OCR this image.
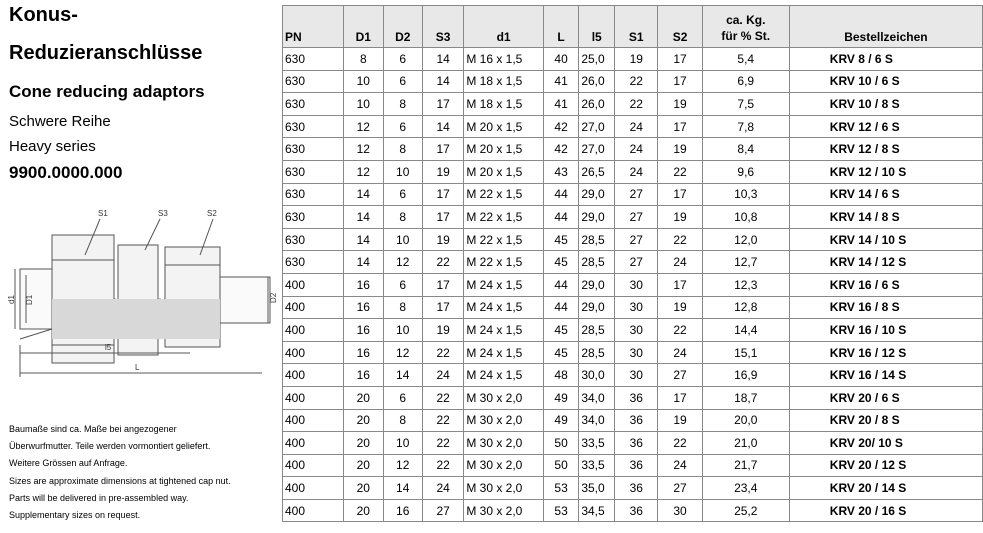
Konus-
Reduzieranschlüsse
Cone reducing adaptors
Schwere Reihe
Heavy series
9900.0000.000
S1	S3	S2
d1 D1	D2
l5
L
Baumaße sind ca. Maße bei angezogener
Überwurfmutter. Teile werden vormontiert geliefert.
Weitere Grössen auf Anfrage.
Sizes are approximate dimensions at tightened cap nut.
Parts will be delivered in pre-assembled way.
Supplementary sizes on request.
PN	D1	D2	S3	d1	L	l5	S1	S2	ca. Kg.
für % St.	Bestellzeichen
630	8	6	14	M 16 x 1,5	40	25,0	19	17	5,4	KRV 8 / 6 S
630	10	6	14	M 18 x 1,5	41	26,0	22	17	6,9	KRV 10 / 6 S
630	10	8	17	M 18 x 1,5	41	26,0	22	19	7,5	KRV 10 / 8 S
630	12	6	14	M 20 x 1,5	42	27,0	24	17	7,8	KRV 12 / 6 S
630	12	8	17	M 20 x 1,5	42	27,0	24	19	8,4	KRV 12 / 8 S
630	12	10	19	M 20 x 1,5	43	26,5	24	22	9,6	KRV 12 / 10 S
630	14	6	17	M 22 x 1,5	44	29,0	27	17	10,3	KRV 14 / 6 S
630	14	8	17	M 22 x 1,5	44	29,0	27	19	10,8	KRV 14 / 8 S
630	14	10	19	M 22 x 1,5	45	28,5	27	22	12,0	KRV 14 / 10 S
630	14	12	22	M 22 x 1,5	45	28,5	27	24	12,7	KRV 14 / 12 S
400	16	6	17	M 24 x 1,5	44	29,0	30	17	12,3	KRV 16 / 6 S
400	16	8	17	M 24 x 1,5	44	29,0	30	19	12,8	KRV 16 / 8 S
400	16	10	19	M 24 x 1,5	45	28,5	30	22	14,4	KRV 16 / 10 S
400	16	12	22	M 24 x 1,5	45	28,5	30	24	15,1	KRV 16 / 12 S
400	16	14	24	M 24 x 1,5	48	30,0	30	27	16,9	KRV 16 / 14 S
400	20	6	22	M 30 x 2,0	49	34,0	36	17	18,7	KRV 20 / 6 S
400	20	8	22	M 30 x 2,0	49	34,0	36	19	20,0	KRV 20 / 8 S
400	20	10	22	M 30 x 2,0	50	33,5	36	22	21,0	KRV 20/ 10 S
400	20	12	22	M 30 x 2,0	50	33,5	36	24	21,7	KRV 20 / 12 S
400	20	14	24	M 30 x 2,0	53	35,0	36	27	23,4	KRV 20 / 14 S
400	20	16	27	M 30 x 2,0	53	34,5	36	30	25,2	KRV 20 / 16 S
